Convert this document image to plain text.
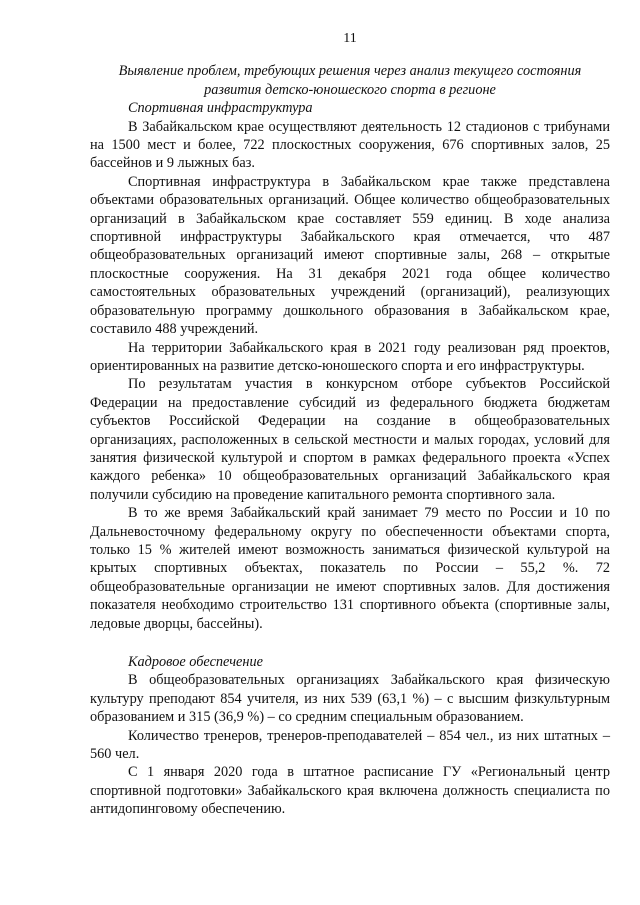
11
Выявление проблем, требующих решения через анализ текущего состояния развития детско-юношеского спорта в регионе
Спортивная инфраструктура

В Забайкальском крае осуществляют деятельность 12 стадионов с трибунами на 1500 мест и более, 722 плоскостных сооружения, 676 спортивных залов, 25 бассейнов и 9 лыжных баз.

Спортивная инфраструктура в Забайкальском крае также представлена объектами образовательных организаций. Общее количество общеобразовательных организаций в Забайкальском крае составляет 559 единиц. В ходе анализа спортивной инфраструктуры Забайкальского края отмечается, что 487 общеобразовательных организаций имеют спортивные залы, 268 – открытые плоскостные сооружения. На 31 декабря 2021 года общее количество самостоятельных образовательных учреждений (организаций), реализующих образовательную программу дошкольного образования в Забайкальском крае, составило 488 учреждений.

На территории Забайкальского края в 2021 году реализован ряд проектов, ориентированных на развитие детско-юношеского спорта и его инфраструктуры.

По результатам участия в конкурсном отборе субъектов Российской Федерации на предоставление субсидий из федерального бюджета бюджетам субъектов Российской Федерации на создание в общеобразовательных организациях, расположенных в сельской местности и малых городах, условий для занятия физической культурой и спортом в рамках федерального проекта «Успех каждого ребенка» 10 общеобразовательных организаций Забайкальского края получили субсидию на проведение капитального ремонта спортивного зала.

В то же время Забайкальский край занимает 79 место по России и 10 по Дальневосточному федеральному округу по обеспеченности объектами спорта, только 15 % жителей имеют возможность заниматься физической культурой на крытых спортивных объектах, показатель по России – 55,2 %. 72 общеобразовательные организации не имеют спортивных залов. Для достижения показателя необходимо строительство 131 спортивного объекта (спортивные залы, ледовые дворцы, бассейны).

Кадровое обеспечение

В общеобразовательных организациях Забайкальского края физическую культуру преподают 854 учителя, из них 539 (63,1 %) – с высшим физкультурным образованием и 315 (36,9 %) – со средним специальным образованием.

Количество тренеров, тренеров-преподавателей – 854 чел., из них штатных – 560 чел.

С 1 января 2020 года в штатное расписание ГУ «Региональный центр спортивной подготовки» Забайкальского края включена должность специалиста по антидопинговому обеспечению.
